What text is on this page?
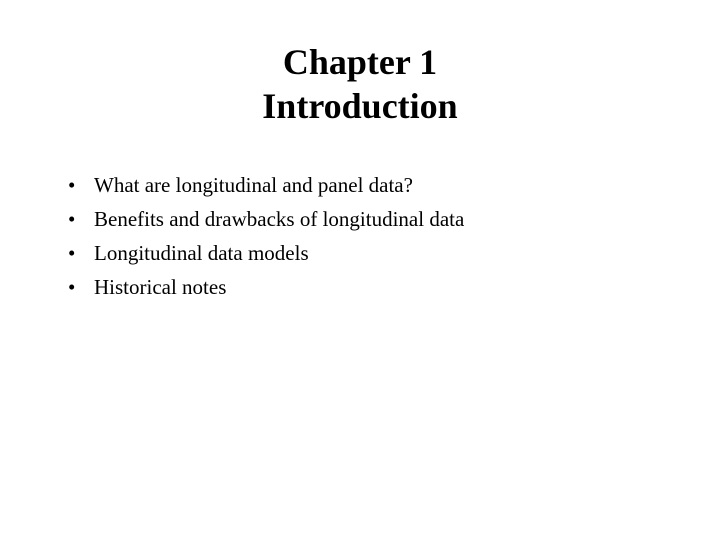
Chapter 1
Introduction
• What are longitudinal and panel data?
• Benefits and drawbacks of longitudinal data
• Longitudinal data models
• Historical notes
